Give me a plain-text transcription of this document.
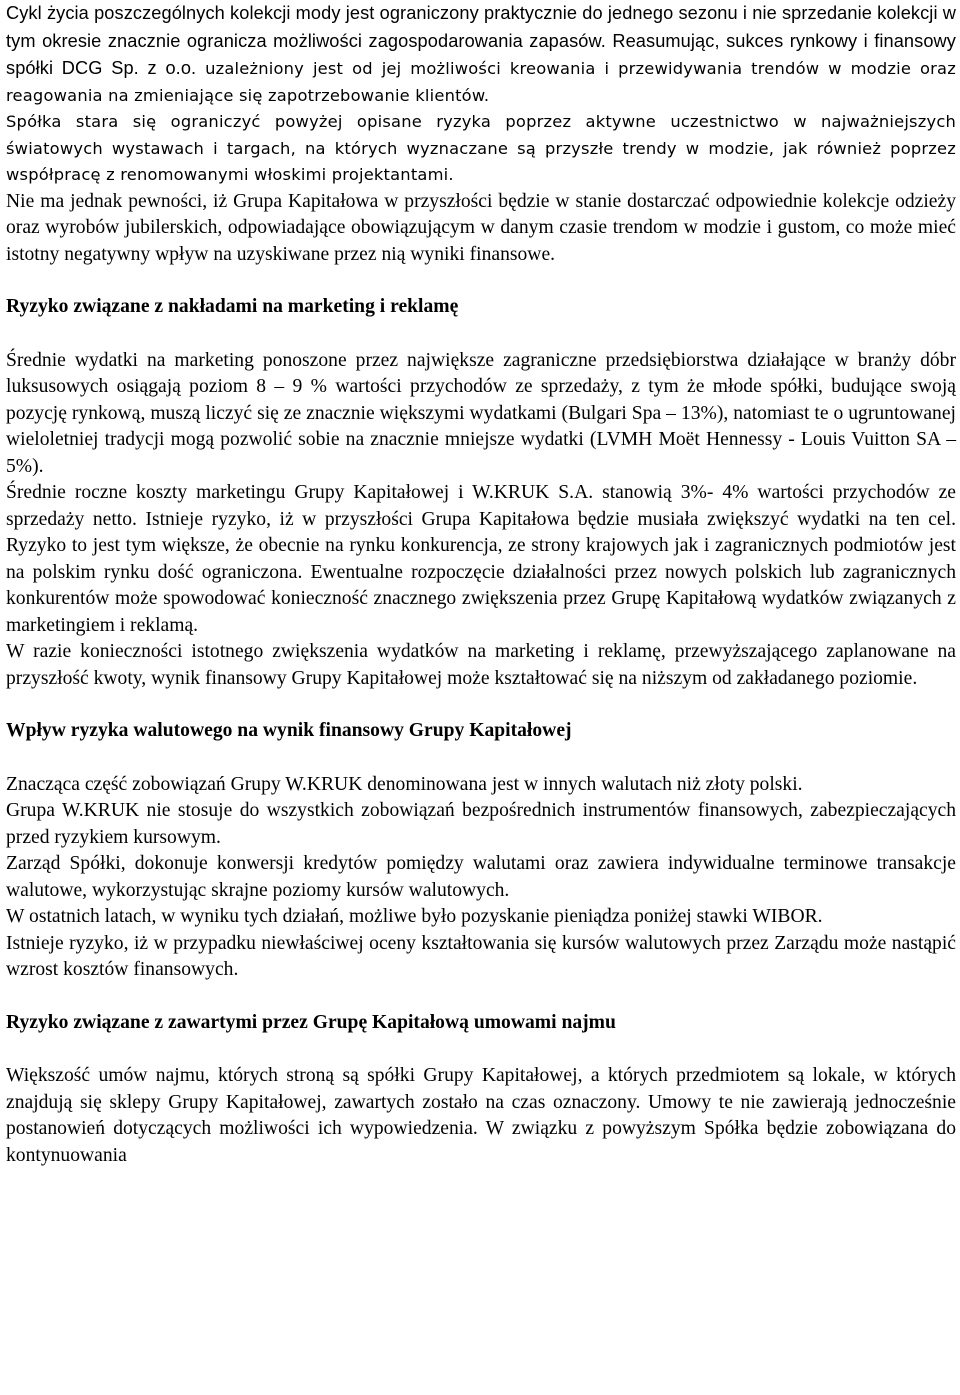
Cykl życia poszczególnych kolekcji mody jest ograniczony praktycznie do jednego sezonu i nie sprzedanie kolekcji w tym okresie znacznie ogranicza możliwości zagospodarowania zapasów. Reasumując, sukces rynkowy i finansowy spółki DCG Sp. z o.o. uzależniony jest od jej możliwości kreowania i przewidywania trendów w modzie oraz reagowania na zmieniające się zapotrzebowanie klientów.

Spółka stara się ograniczyć powyżej opisane ryzyka poprzez aktywne uczestnictwo w najważniejszych światowych wystawach i targach, na których wyznaczane są przyszłe trendy w modzie, jak również poprzez współpracę z renomowanymi włoskimi projektantami.

Nie ma jednak pewności, iż Grupa Kapitałowa w przyszłości będzie w stanie dostarczać odpowiednie kolekcje odzieży oraz wyrobów jubilerskich, odpowiadające obowiązującym w danym czasie trendom w modzie i gustom, co może mieć istotny negatywny wpływ na uzyskiwane przez nią wyniki finansowe.

Ryzyko związane z nakładami na marketing i reklamę

Średnie wydatki na marketing ponoszone przez największe zagraniczne przedsiębiorstwa działające w branży dóbr luksusowych osiągają poziom 8 – 9 % wartości przychodów ze sprzedaży, z tym że młode spółki, budujące swoją pozycję rynkową, muszą liczyć się ze znacznie większymi wydatkami (Bulgari Spa – 13%), natomiast te o ugruntowanej wieloletniej tradycji mogą pozwolić sobie na znacznie mniejsze wydatki (LVMH Moët Hennessy - Louis Vuitton SA – 5%).

Średnie roczne koszty marketingu Grupy Kapitałowej i W.KRUK S.A. stanowią 3%- 4% wartości przychodów ze sprzedaży netto. Istnieje ryzyko, iż w przyszłości Grupa Kapitałowa będzie musiała zwiększyć wydatki na ten cel. Ryzyko to jest tym większe, że obecnie na rynku konkurencja, ze strony krajowych jak i zagranicznych podmiotów jest na polskim rynku dość ograniczona. Ewentualne rozpoczęcie działalności przez nowych polskich lub zagranicznych konkurentów może spowodować konieczność znacznego zwiększenia przez Grupę Kapitałową wydatków związanych z marketingiem i reklamą.

W razie konieczności istotnego zwiększenia wydatków na marketing i reklamę, przewyższającego zaplanowane na przyszłość kwoty, wynik finansowy Grupy Kapitałowej może kształtować się na niższym od zakładanego poziomie.

Wpływ ryzyka walutowego na wynik finansowy Grupy Kapitałowej

Znacząca część zobowiązań Grupy W.KRUK denominowana jest w innych walutach niż złoty polski.

Grupa W.KRUK nie stosuje do wszystkich zobowiązań bezpośrednich instrumentów finansowych, zabezpieczających przed ryzykiem kursowym.

Zarząd Spółki, dokonuje konwersji kredytów pomiędzy walutami oraz zawiera indywidualne terminowe transakcje walutowe, wykorzystując skrajne poziomy kursów walutowych.

W ostatnich latach, w wyniku tych działań, możliwe było pozyskanie pieniądza poniżej stawki WIBOR.

Istnieje ryzyko, iż w przypadku niewłaściwej oceny kształtowania się kursów walutowych przez Zarządu może nastąpić wzrost kosztów finansowych.

Ryzyko związane z zawartymi przez Grupę Kapitałową umowami najmu

Większość umów najmu, których stroną są spółki Grupy Kapitałowej, a których przedmiotem są lokale, w których znajdują się sklepy Grupy Kapitałowej, zawartych zostało na czas oznaczony. Umowy te nie zawierają jednocześnie postanowień dotyczących możliwości ich wypowiedzenia. W związku z powyższym Spółka będzie zobowiązana do kontynuowania
